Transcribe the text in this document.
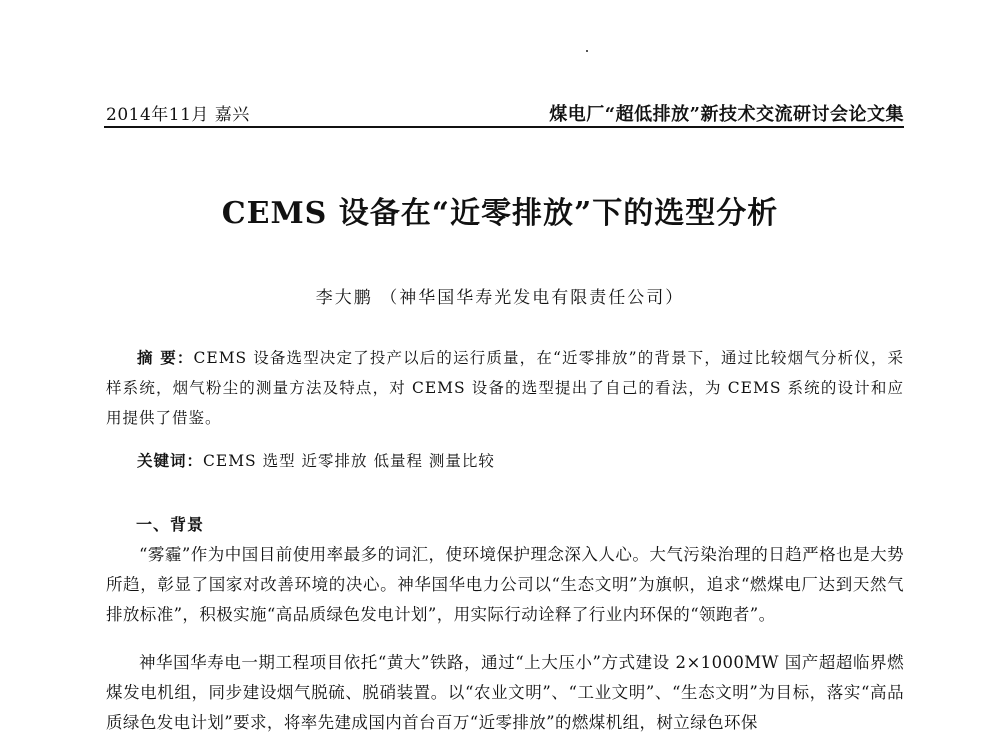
2014年11月 嘉兴	煤电厂“超低排放”新技术交流研讨会论文集
CEMS 设备在“近零排放”下的选型分析
李大鹏 （神华国华寿光发电有限责任公司）
摘 要：CEMS 设备选型决定了投产以后的运行质量，在“近零排放”的背景下，通过比较烟气分析仪，采样系统，烟气粉尘的测量方法及特点，对 CEMS 设备的选型提出了自己的看法，为 CEMS 系统的设计和应用提供了借鉴。
关键词：CEMS 选型 近零排放 低量程 测量比较
一、背景
“雾霾”作为中国目前使用率最多的词汇，使环境保护理念深入人心。大气污染治理的日趋严格也是大势所趋，彰显了国家对改善环境的决心。神华国华电力公司以“生态文明”为旗帜，追求“燃煤电厂达到天然气排放标准”，积极实施“高品质绿色发电计划”，用实际行动诠释了行业内环保的“领跑者”。
神华国华寿电一期工程项目依托“黄大”铁路，通过“上大压小”方式建设 2×1000MW 国产超超临界燃煤发电机组，同步建设烟气脱硫、脱硝装置。以“农业文明”、“工业文明”、“生态文明”为目标，落实“高品质绿色发电计划”要求，将率先建成国内首台百万“近零排放”的燃煤机组，树立绿色环保
